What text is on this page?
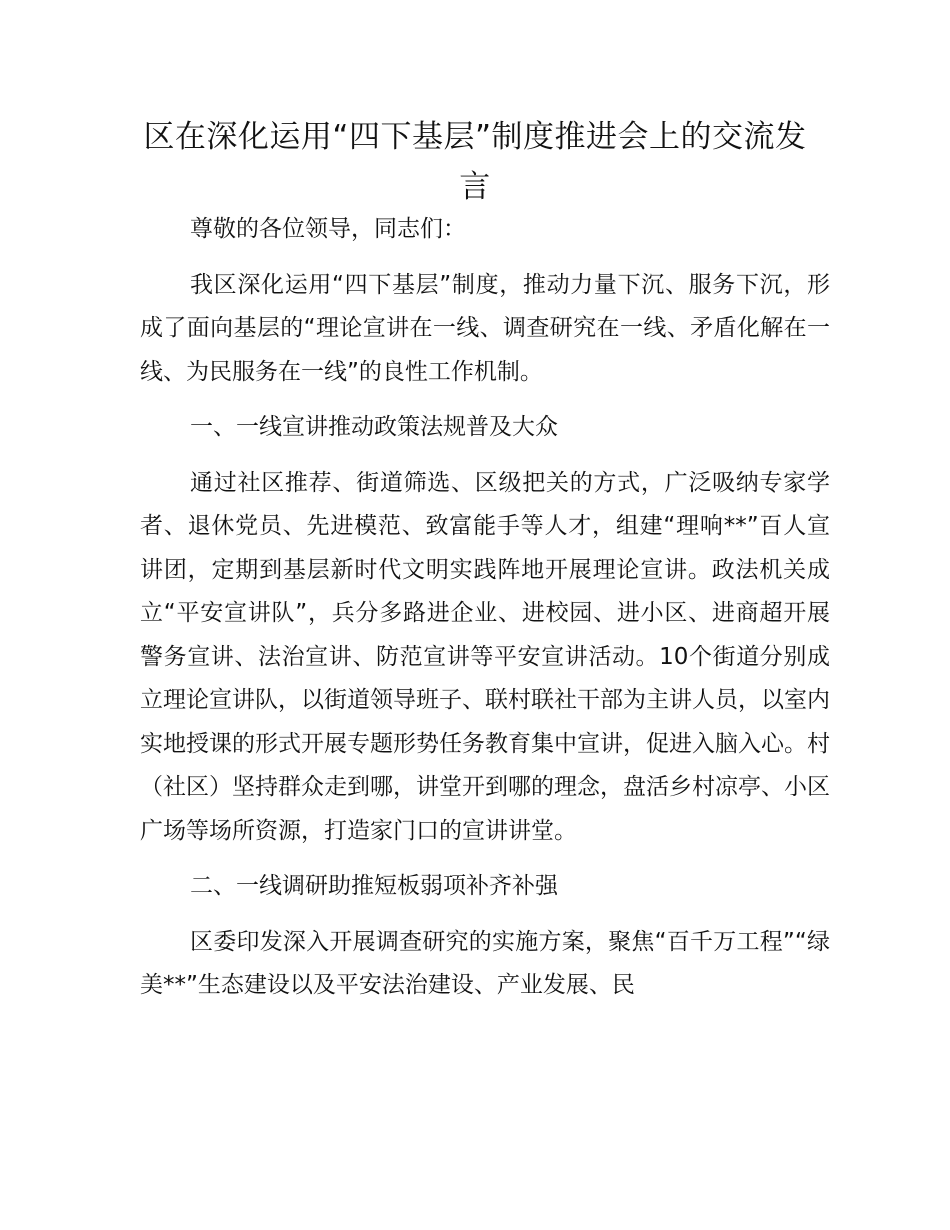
区在深化运用“四下基层”制度推进会上的交流发言

尊敬的各位领导，同志们：

我区深化运用“四下基层”制度，推动力量下沉、服务下沉，形成了面向基层的“理论宣讲在一线、调查研究在一线、矛盾化解在一线、为民服务在一线”的良性工作机制。

一、一线宣讲推动政策法规普及大众

通过社区推荐、街道筛选、区级把关的方式，广泛吸纳专家学者、退休党员、先进模范、致富能手等人才，组建“理响**”百人宣讲团，定期到基层新时代文明实践阵地开展理论宣讲。政法机关成立“平安宣讲队”，兵分多路进企业、进校园、进小区、进商超开展警务宣讲、法治宣讲、防范宣讲等平安宣讲活动。10个街道分别成立理论宣讲队，以街道领导班子、联村联社干部为主讲人员，以室内实地授课的形式开展专题形势任务教育集中宣讲，促进入脑入心。村（社区）坚持群众走到哪，讲堂开到哪的理念，盘活乡村凉亭、小区广场等场所资源，打造家门口的宣讲讲堂。

二、一线调研助推短板弱项补齐补强

区委印发深入开展调查研究的实施方案，聚焦“百千万工程”“绿美**”生态建设以及平安法治建设、产业发展、民
